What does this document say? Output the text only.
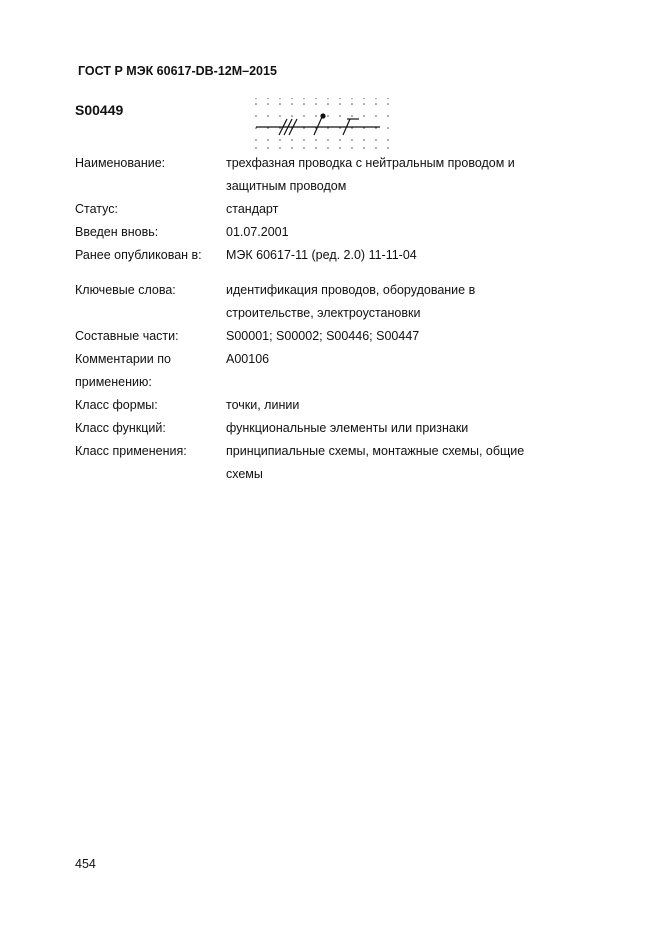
ГОСТ Р МЭК 60617-DB-12M–2015
S00449
Наименование:	трехфазная проводка с нейтральным проводом и
защитным проводом
Статус:	стандарт
Введен вновь:	01.07.2001
Ранее опубликован в:	МЭК 60617-11 (ред. 2.0) 11-11-04
Ключевые слова:	идентификация проводов, оборудование в
строительстве, электроустановки
Составные части:	S00001; S00002; S00446; S00447
Комментарии по
применению:
A00106
Класс формы:	точки, линии
Класс функций:	функциональные элементы или признаки
Класс применения:	принципиальные схемы, монтажные схемы, общие
схемы
454
